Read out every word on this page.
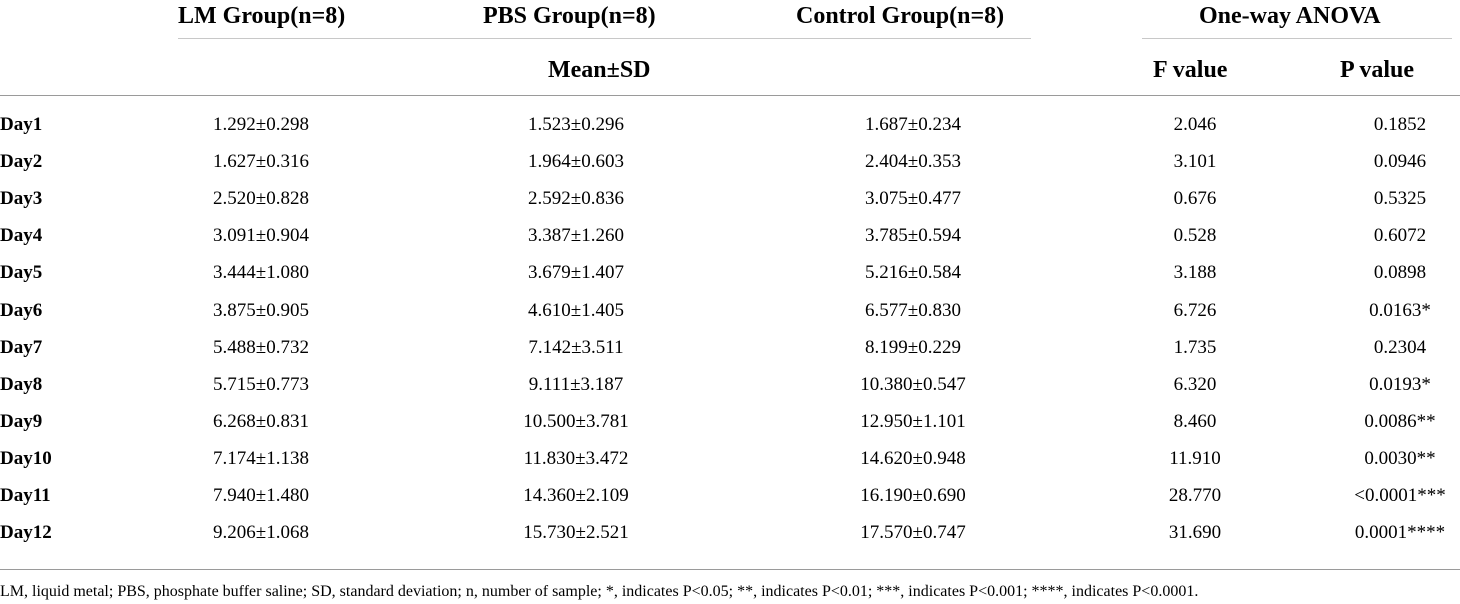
LM Group(n=8)	PBS Group(n=8)	Control Group(n=8)	One-way ANOVA
Mean±SD	F value	P value
Day1	1.292±0.298	1.523±0.296	1.687±0.234	2.046	0.1852
Day2	1.627±0.316	1.964±0.603	2.404±0.353	3.101	0.0946
Day3	2.520±0.828	2.592±0.836	3.075±0.477	0.676	0.5325
Day4	3.091±0.904	3.387±1.260	3.785±0.594	0.528	0.6072
Day5	3.444±1.080	3.679±1.407	5.216±0.584	3.188	0.0898
Day6	3.875±0.905	4.610±1.405	6.577±0.830	6.726	0.0163*
Day7	5.488±0.732	7.142±3.511	8.199±0.229	1.735	0.2304
Day8	5.715±0.773	9.111±3.187	10.380±0.547	6.320	0.0193*
Day9	6.268±0.831	10.500±3.781	12.950±1.101	8.460	0.0086**
Day10	7.174±1.138	11.830±3.472	14.620±0.948	11.910	0.0030**
Day11	7.940±1.480	14.360±2.109	16.190±0.690	28.770	<0.0001***
Day12	9.206±1.068	15.730±2.521	17.570±0.747	31.690	0.0001****
LM, liquid metal; PBS, phosphate buffer saline; SD, standard deviation; n, number of sample; *, indicates P<0.05; **, indicates P<0.01; ***, indicates P<0.001; ****, indicates P<0.0001.
